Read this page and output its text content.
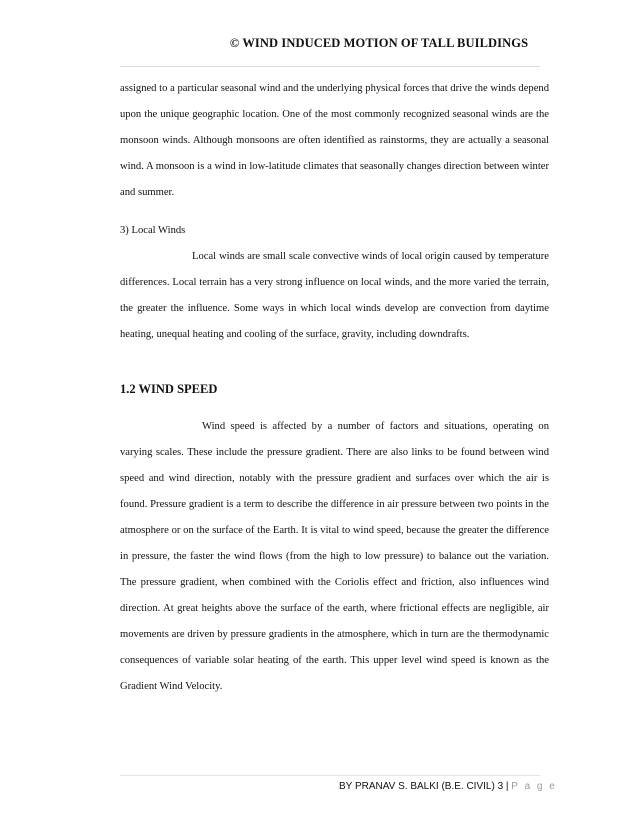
© WIND INDUCED MOTION OF TALL BUILDINGS

assigned to a particular seasonal wind and the underlying physical forces that drive the winds depend upon the unique geographic location. One of the most commonly recognized seasonal winds are the monsoon winds. Although monsoons are often identified as rainstorms, they are actually a seasonal wind. A monsoon is a wind in low-latitude climates that seasonally changes direction between winter and summer.

3) Local Winds

Local winds are small scale convective winds of local origin caused by temperature differences. Local terrain has a very strong influence on local winds, and the more varied the terrain, the greater the influence. Some ways in which local winds develop are convection from daytime heating, unequal heating and cooling of the surface, gravity, including downdrafts.

1.2 WIND SPEED

Wind speed is affected by a number of factors and situations, operating on varying scales. These include the pressure gradient. There are also links to be found between wind speed and wind direction, notably with the pressure gradient and surfaces over which the air is found. Pressure gradient is a term to describe the difference in air pressure between two points in the atmosphere or on the surface of the Earth. It is vital to wind speed, because the greater the difference in pressure, the faster the wind flows (from the high to low pressure) to balance out the variation. The pressure gradient, when combined with the Coriolis effect and friction, also influences wind direction. At great heights above the surface of the earth, where frictional effects are negligible, air movements are driven by pressure gradients in the atmosphere, which in turn are the thermodynamic consequences of variable solar heating of the earth. This upper level wind speed is known as the Gradient Wind Velocity.

BY PRANAV S. BALKI (B.E. CIVIL) 3 | P a g e
